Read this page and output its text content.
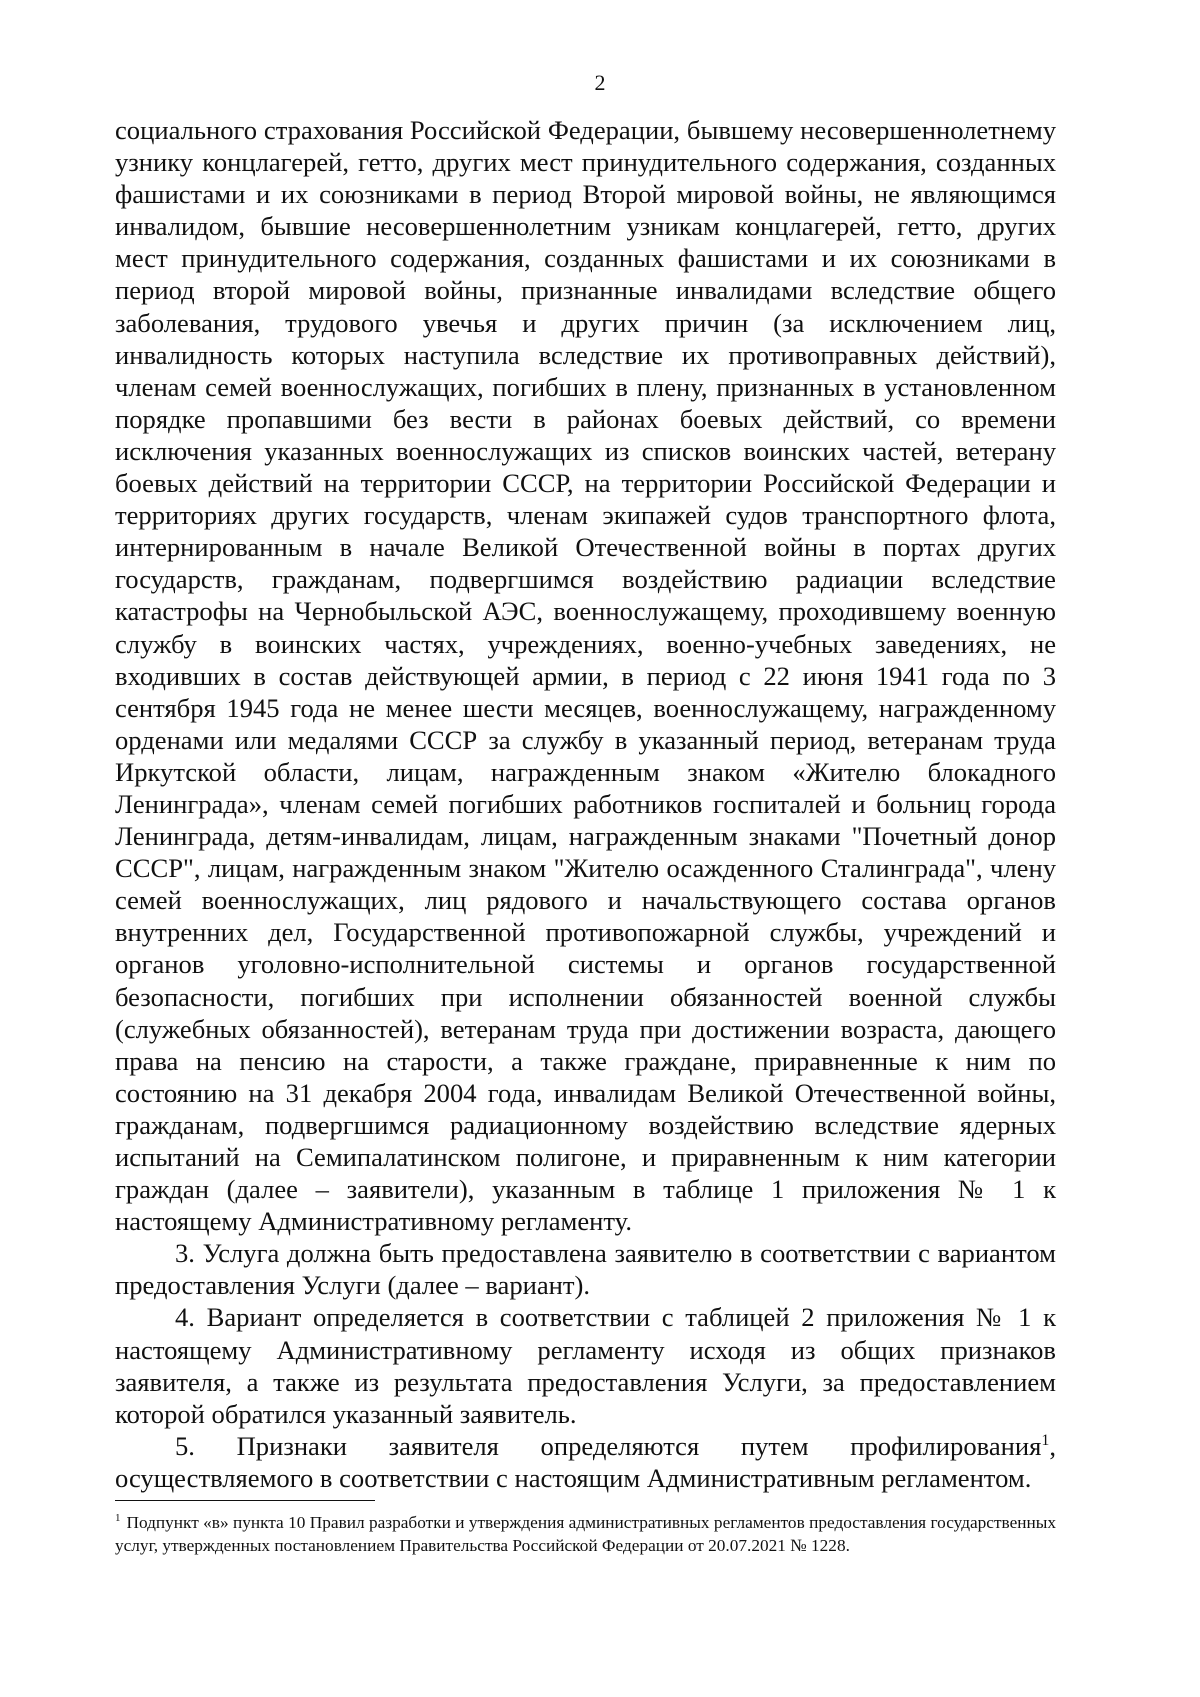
2

социального страхования Российской Федерации, бывшему несовершеннолетнему узнику концлагерей, гетто, других мест принудительного содержания, созданных фашистами и их союзниками в период Второй мировой войны, не являющимся инвалидом, бывшие несовершеннолетним узникам концлагерей, гетто, других мест принудительного содержания, созданных фашистами и их союзниками в период второй мировой войны, признанные инвалидами вследствие общего заболевания, трудового увечья и других причин (за исключением лиц, инвалидность которых наступила вследствие их противоправных действий), членам семей военнослужащих, погибших в плену, признанных в установленном порядке пропавшими без вести в районах боевых действий, со времени исключения указанных военнослужащих из списков воинских частей, ветерану боевых действий на территории СССР, на территории Российской Федерации и территориях других государств, членам экипажей судов транспортного флота, интернированным в начале Великой Отечественной войны в портах других государств, гражданам, подвергшимся воздействию радиации вследствие катастрофы на Чернобыльской АЭС, военнослужащему, проходившему военную службу в воинских частях, учреждениях, военно-учебных заведениях, не входивших в состав действующей армии, в период с 22 июня 1941 года по 3 сентября 1945 года не менее шести месяцев, военнослужащему, награжденному орденами или медалями СССР за службу в указанный период, ветеранам труда Иркутской области, лицам, награжденным знаком «Жителю блокадного Ленинграда», членам семей погибших работников госпиталей и больниц города Ленинграда, детям-инвалидам, лицам, награжденным знаками "Почетный донор СССР", лицам, награжденным знаком "Жителю осажденного Сталинграда", члену семей военнослужащих, лиц рядового и начальствующего состава органов внутренних дел, Государственной противопожарной службы, учреждений и органов уголовно-исполнительной системы и органов государственной безопасности, погибших при исполнении обязанностей военной службы (служебных обязанностей), ветеранам труда при достижении возраста, дающего права на пенсию на старости, а также граждане, приравненные к ним по состоянию на 31 декабря 2004 года, инвалидам Великой Отечественной войны, гражданам, подвергшимся радиационному воздействию вследствие ядерных испытаний на Семипалатинском полигоне, и приравненным к ним категории граждан (далее – заявители), указанным в таблице 1 приложения № 1 к настоящему Административному регламенту.

3. Услуга должна быть предоставлена заявителю в соответствии с вариантом предоставления Услуги (далее – вариант).

4. Вариант определяется в соответствии с таблицей 2 приложения № 1 к настоящему Административному регламенту исходя из общих признаков заявителя, а также из результата предоставления Услуги, за предоставлением которой обратился указанный заявитель.

5. Признаки заявителя определяются путем профилирования$^1$, осуществляемого в соответствии с настоящим Административным регламентом.

$^1$ Подпункт «в» пункта 10 Правил разработки и утверждения административных регламентов предоставления государственных услуг, утвержденных постановлением Правительства Российской Федерации от 20.07.2021 № 1228.
